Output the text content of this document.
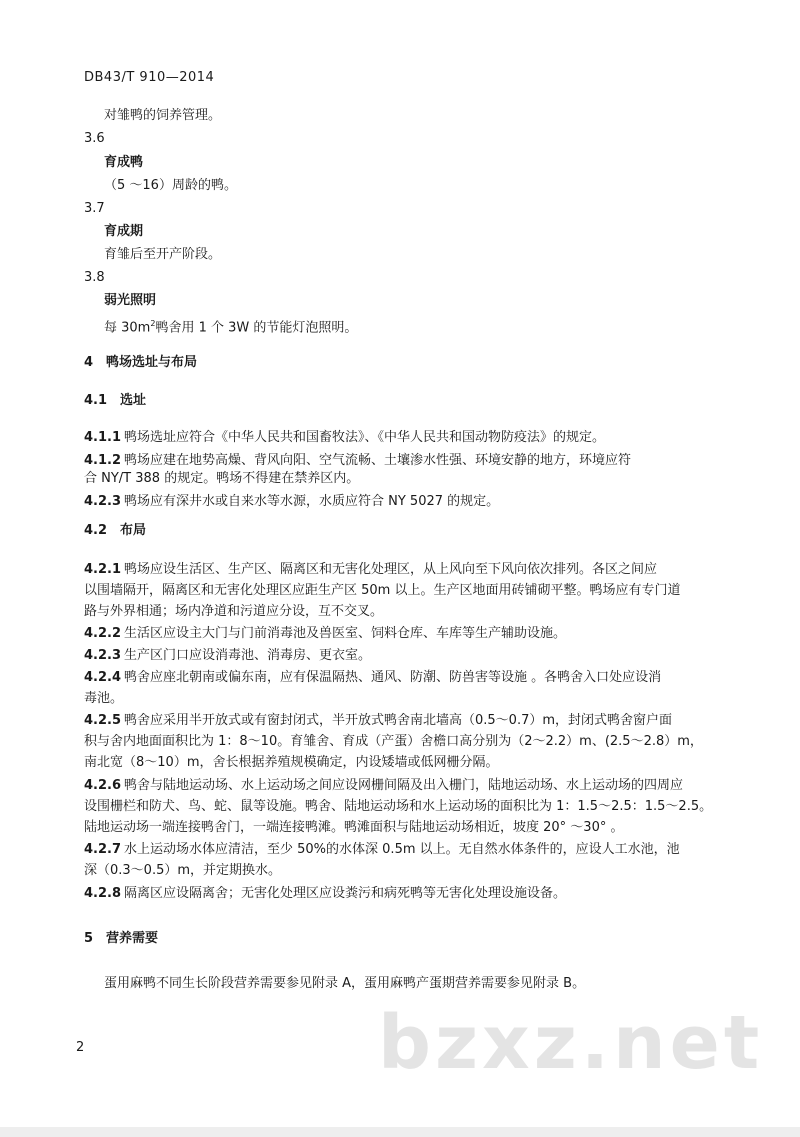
DB43/T 910—2014
对雏鸭的饲养管理。
3.6
育成鸭
（5 ～16）周龄的鸭。
3.7
育成期
育雏后至开产阶段。
3.8
弱光照明
每 $30m^2$鸭舍用 1 个 3W 的节能灯泡照明。
4 鸭场选址与布局
4.1 选址
4.1.1 鸭场选址应符合《中华人民共和国畜牧法》、《中华人民共和国动物防疫法》的规定。
4.1.2 鸭场应建在地势高燥、背风向阳、空气流畅、土壤渗水性强、环境安静的地方，环境应符
合 NY/T 388 的规定。鸭场不得建在禁养区内。
4.2.3 鸭场应有深井水或自来水等水源，水质应符合 NY 5027 的规定。
4.2 布局
4.2.1 鸭场应设生活区、生产区、隔离区和无害化处理区，从上风向至下风向依次排列。各区之间应
以围墙隔开，隔离区和无害化处理区应距生产区 50m 以上。生产区地面用砖铺砌平整。鸭场应有专门道
路与外界相通；场内净道和污道应分设，互不交叉。
4.2.2 生活区应设主大门与门前消毒池及兽医室、饲料仓库、车库等生产辅助设施。
4.2.3 生产区门口应设消毒池、消毒房、更衣室。
4.2.4 鸭舍应座北朝南或偏东南，应有保温隔热、通风、防潮、防兽害等设施 。各鸭舍入口处应设消
毒池。
4.2.5 鸭舍应采用半开放式或有窗封闭式，半开放式鸭舍南北墙高（0.5～0.7）m，封闭式鸭舍窗户面
积与舍内地面面积比为 1：8～10。育雏舍、育成（产蛋）舍檐口高分别为（2～2.2）m、(2.5～2.8）m，
南北宽（8～10）m，舍长根据养殖规模确定，内设矮墙或低网栅分隔。
4.2.6 鸭舍与陆地运动场、水上运动场之间应设网栅间隔及出入栅门，陆地运动场、水上运动场的四周应
设围栅栏和防犬、鸟、蛇、鼠等设施。鸭舍、陆地运动场和水上运动场的面积比为 1：1.5～2.5：1.5～2.5。
陆地运动场一端连接鸭舍门，一端连接鸭滩。鸭滩面积与陆地运动场相近，坡度 20° ～30° 。
4.2.7 水上运动场水体应清洁，至少 50%的水体深 0.5m 以上。无自然水体条件的，应设人工水池，池
深（0.3～0.5）m，并定期换水。
4.2.8 隔离区应设隔离舍；无害化处理区应设粪污和病死鸭等无害化处理设施设备。
5 营养需要
蛋用麻鸭不同生长阶段营养需要参见附录 A，蛋用麻鸭产蛋期营养需要参见附录 B。
bzxz.net
2
